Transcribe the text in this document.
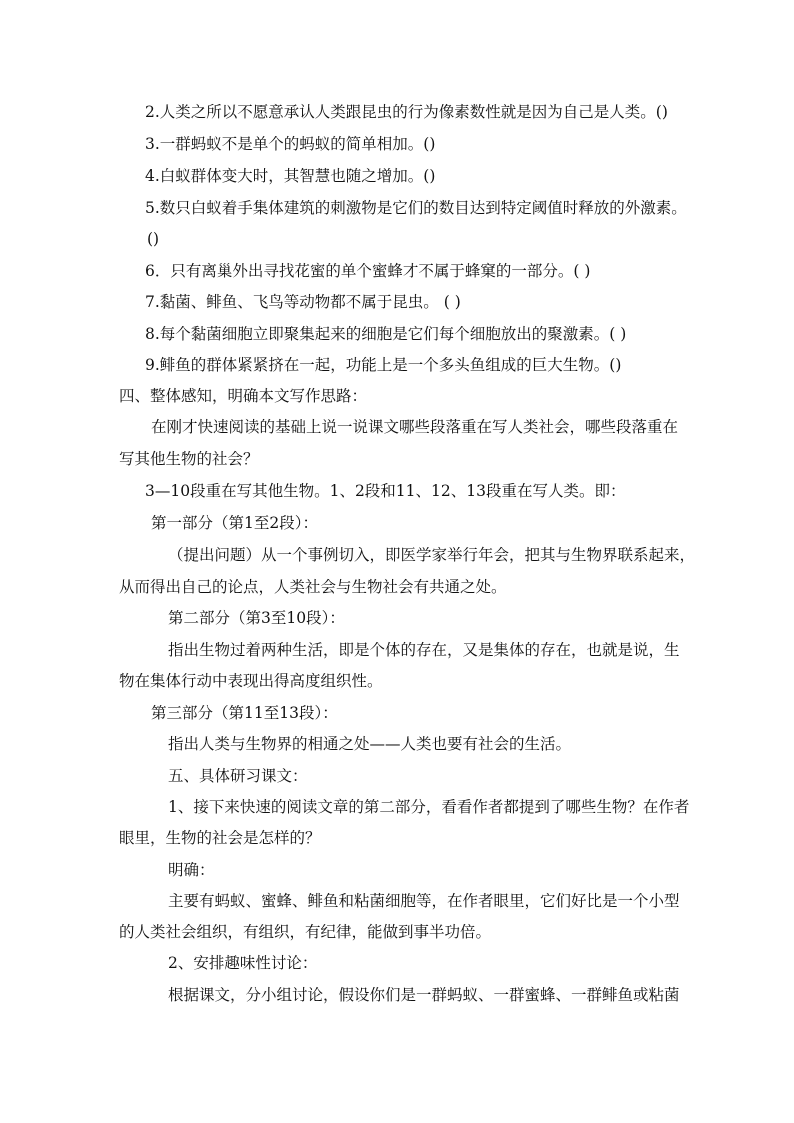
2.人类之所以不愿意承认人类跟昆虫的行为像素数性就是因为自己是人类。()
3.一群蚂蚁不是单个的蚂蚁的简单相加。()
4.白蚁群体变大时，其智慧也随之增加。()
5.数只白蚁着手集体建筑的刺激物是它们的数目达到特定阈值时释放的外激素。
()
6．只有离巢外出寻找花蜜的单个蜜蜂才不属于蜂窠的一部分。( )
7.黏菌、鲱鱼、飞鸟等动物都不属于昆虫。 ( )
8.每个黏菌细胞立即聚集起来的细胞是它们每个细胞放出的聚激素。( )
9.鲱鱼的群体紧紧挤在一起，功能上是一个多头鱼组成的巨大生物。()
四、整体感知，明确本文写作思路：
在刚才快速阅读的基础上说一说课文哪些段落重在写人类社会，哪些段落重在
写其他生物的社会？
3—10段重在写其他生物。1、2段和11、12、13段重在写人类。即：
第一部分（第1至2段）：
（提出问题）从一个事例切入，即医学家举行年会，把其与生物界联系起来，
从而得出自己的论点，人类社会与生物社会有共通之处。
第二部分（第3至10段）：
指出生物过着两种生活，即是个体的存在，又是集体的存在，也就是说，生
物在集体行动中表现出得高度组织性。
第三部分（第11至13段）：
指出人类与生物界的相通之处——人类也要有社会的生活。
五、具体研习课文：
1、接下来快速的阅读文章的第二部分，看看作者都提到了哪些生物？在作者
眼里，生物的社会是怎样的？
明确：
主要有蚂蚁、蜜蜂、鲱鱼和粘菌细胞等，在作者眼里，它们好比是一个小型
的人类社会组织，有组织，有纪律，能做到事半功倍。
2、安排趣味性讨论：
根据课文，分小组讨论，假设你们是一群蚂蚁、一群蜜蜂、一群鲱鱼或粘菌
